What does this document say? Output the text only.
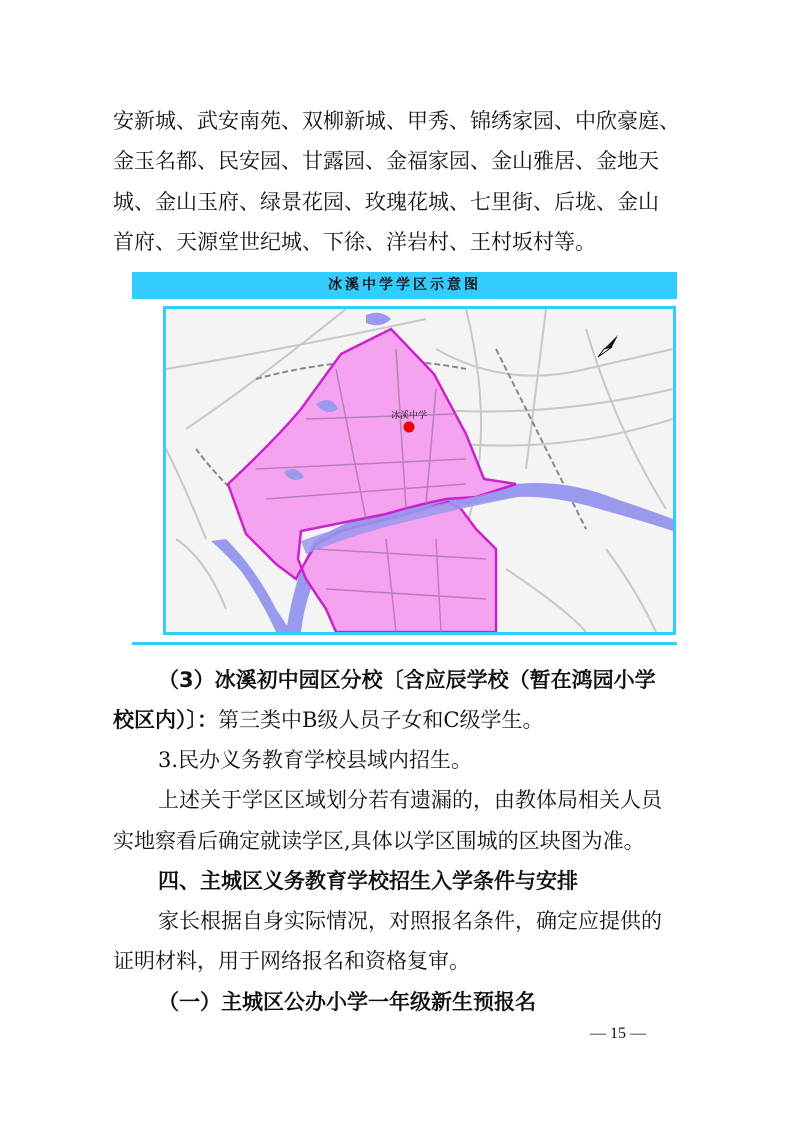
安新城、武安南苑、双柳新城、甲秀、锦绣家园、中欣豪庭、
金玉名都、民安园、甘露园、金福家园、金山雅居、金地天
城、金山玉府、绿景花园、玫瑰花城、七里街、后垅、金山
首府、天源堂世纪城、下徐、洋岩村、王村坂村等。
冰溪中学学区示意图
冰溪中学
（3）冰溪初中园区分校〔含应辰学校（暂在鸿园小学
校区内）〕：第三类中B级人员子女和C级学生。
3.民办义务教育学校县域内招生。
上述关于学区区域划分若有遗漏的，由教体局相关人员
实地察看后确定就读学区,具体以学区围城的区块图为准。
四、主城区义务教育学校招生入学条件与安排
家长根据自身实际情况，对照报名条件，确定应提供的
证明材料，用于网络报名和资格复审。
（一）主城区公办小学一年级新生预报名
— 15 —
